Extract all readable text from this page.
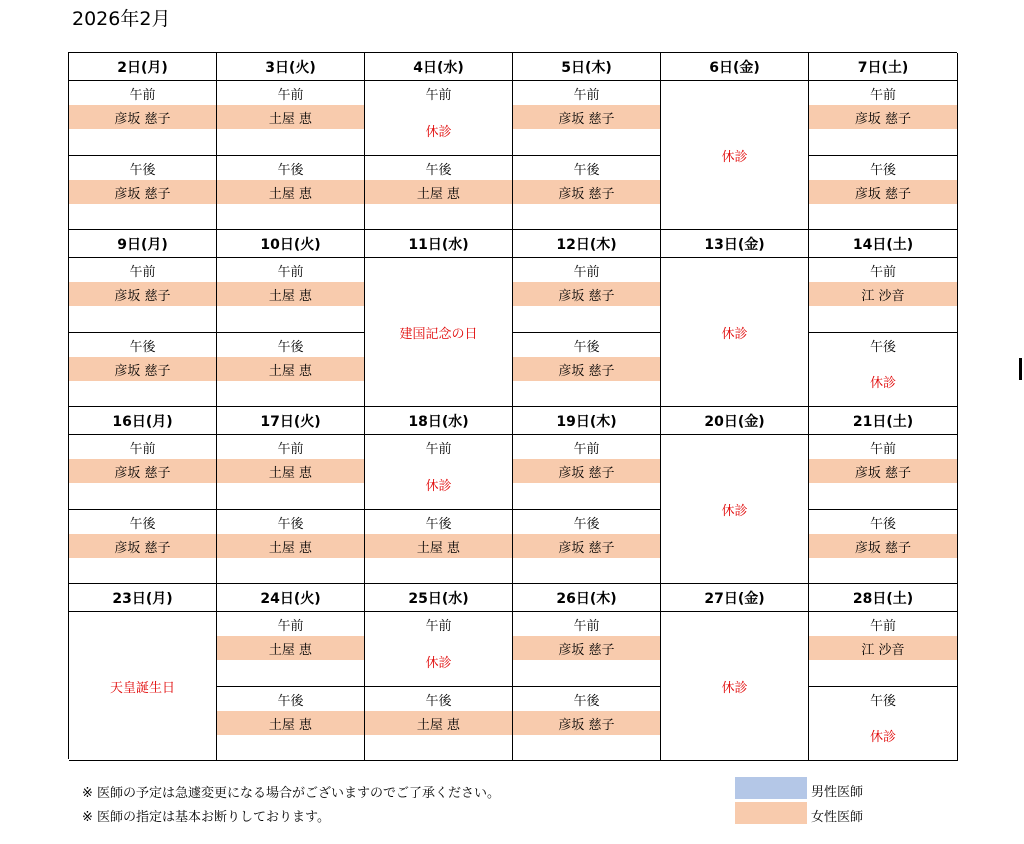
2026年2月
2日(月)
午前
彦坂 慈子
午後
彦坂 慈子
3日(火)
午前
土屋 恵
午後
土屋 恵
4日(水)
午前
休診
午後
土屋 恵
5日(木)
午前
彦坂 慈子
午後
彦坂 慈子
6日(金)
休診
7日(土)
午前
彦坂 慈子
午後
彦坂 慈子
9日(月)
午前
彦坂 慈子
午後
彦坂 慈子
10日(火)
午前
土屋 恵
午後
土屋 恵
11日(水)
建国記念の日
12日(木)
午前
彦坂 慈子
午後
彦坂 慈子
13日(金)
休診
14日(土)
午前
江 沙音
午後
休診
16日(月)
午前
彦坂 慈子
午後
彦坂 慈子
17日(火)
午前
土屋 恵
午後
土屋 恵
18日(水)
午前
休診
午後
土屋 恵
19日(木)
午前
彦坂 慈子
午後
彦坂 慈子
20日(金)
休診
21日(土)
午前
彦坂 慈子
午後
彦坂 慈子
23日(月)
天皇誕生日
24日(火)
午前
土屋 恵
午後
土屋 恵
25日(水)
午前
休診
午後
土屋 恵
26日(木)
午前
彦坂 慈子
午後
彦坂 慈子
27日(金)
休診
28日(土)
午前
江 沙音
午後
休診
※ 医師の予定は急遽変更になる場合がございますのでご了承ください。
※ 医師の指定は基本お断りしております。
男性医師
女性医師
